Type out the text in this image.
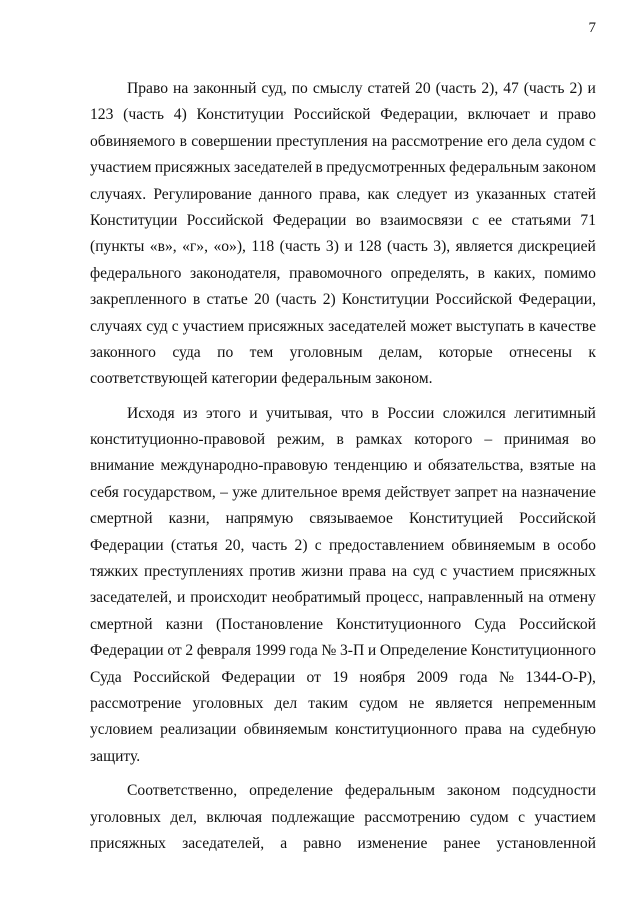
7
Право на законный суд, по смыслу статей 20 (часть 2), 47 (часть 2) и
123 (часть 4) Конституции Российской Федерации, включает и право
обвиняемого в совершении преступления на рассмотрение его дела судом с
участием присяжных заседателей в предусмотренных федеральным законом
случаях. Регулирование данного права, как следует из указанных статей
Конституции Российской Федерации во взаимосвязи с ее статьями 71
(пункты «в», «г», «о»), 118 (часть 3) и 128 (часть 3), является дискрецией
федерального законодателя, правомочного определять, в каких, помимо
закрепленного в статье 20 (часть 2) Конституции Российской Федерации,
случаях суд с участием присяжных заседателей может выступать в качестве
законного суда по тем уголовным делам, которые отнесены к
соответствующей категории федеральным законом.
Исходя из этого и учитывая, что в России сложился легитимный
конституционно-правовой режим, в рамках которого – принимая во
внимание международно-правовую тенденцию и обязательства, взятые на
себя государством, – уже длительное время действует запрет на назначение
смертной казни, напрямую связываемое Конституцией Российской
Федерации (статья 20, часть 2) с предоставлением обвиняемым в особо
тяжких преступлениях против жизни права на суд с участием присяжных
заседателей, и происходит необратимый процесс, направленный на отмену
смертной казни (Постановление Конституционного Суда Российской
Федерации от 2 февраля 1999 года № 3-П и Определение Конституционного
Суда Российской Федерации от 19 ноября 2009 года № 1344-О-Р),
рассмотрение уголовных дел таким судом не является непременным
условием реализации обвиняемым конституционного права на судебную
защиту.
Соответственно, определение федеральным законом подсудности
уголовных дел, включая подлежащие рассмотрению судом с участием
присяжных заседателей, а равно изменение ранее установленной
